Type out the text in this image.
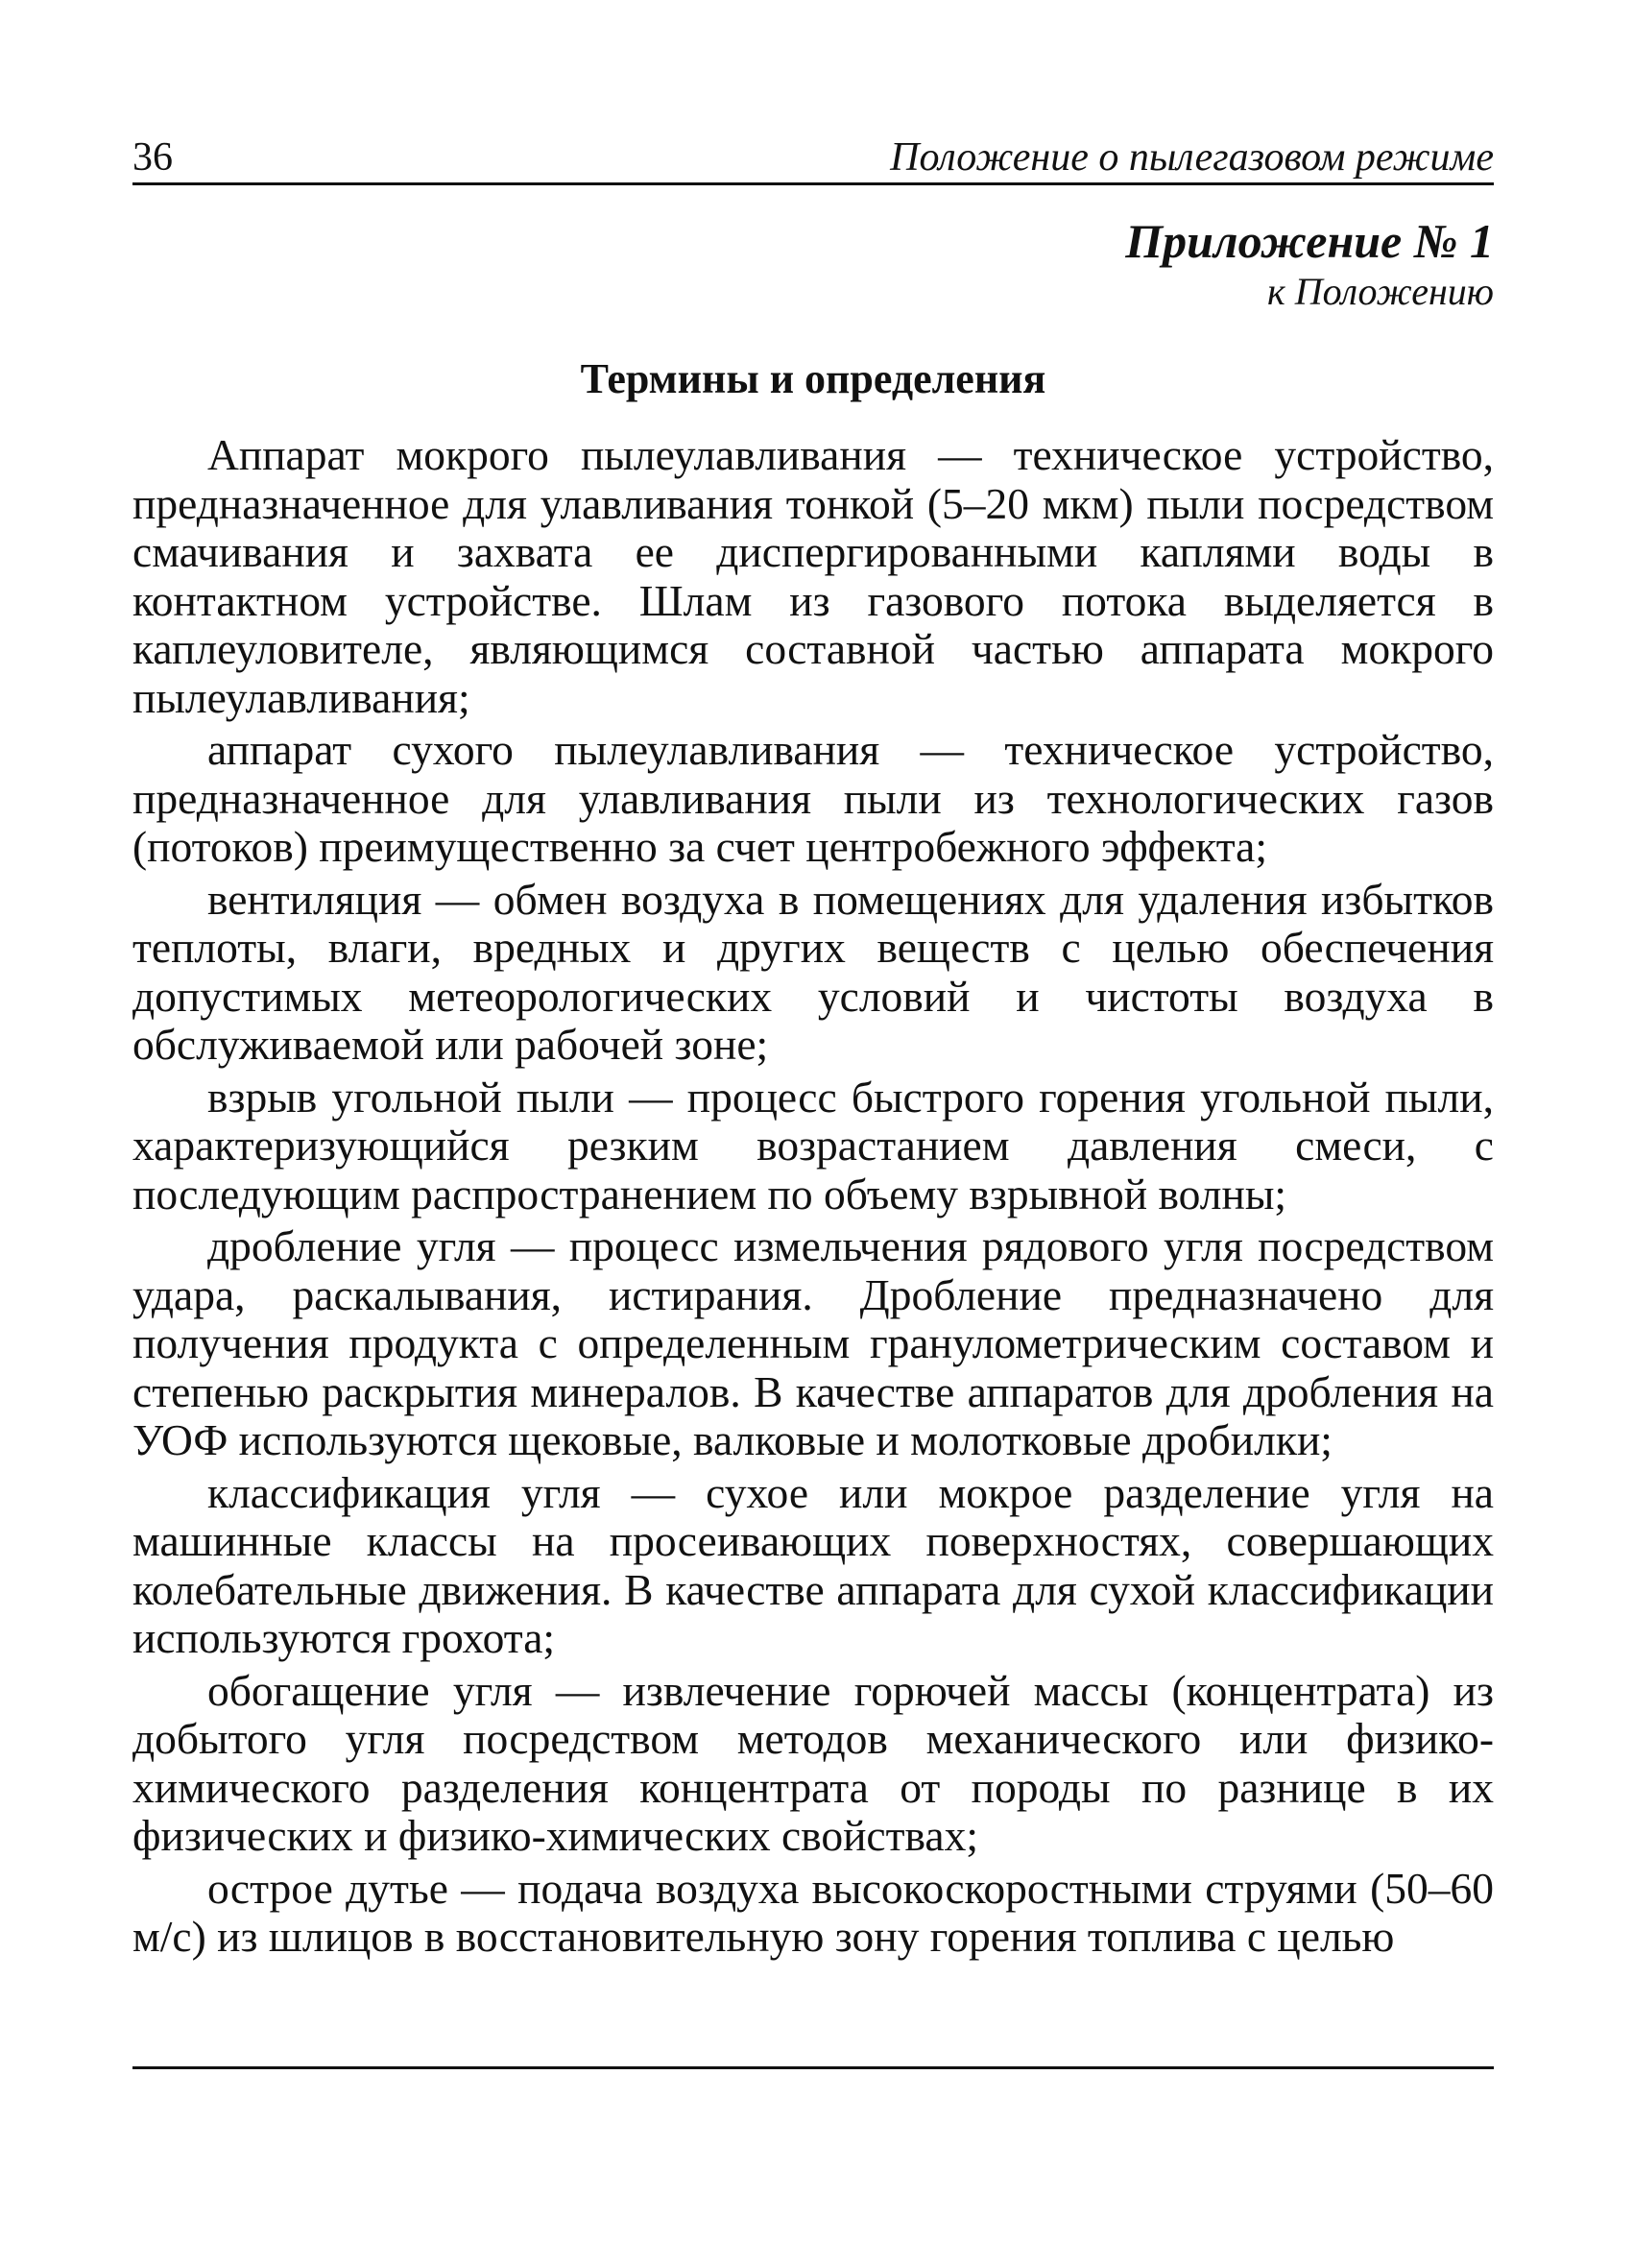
36	Положение о пылегазовом режиме
Приложение № 1
к Положению
Термины и определения

Аппарат мокрого пылеулавливания — техническое устройство, предназначенное для улавливания тонкой (5–20 мкм) пыли посредством смачивания и захвата ее диспергированными каплями воды в контактном устройстве. Шлам из газового потока выделяется в каплеуловителе, являющимся составной частью аппарата мокрого пылеулавливания;

аппарат сухого пылеулавливания — техническое устройство, предназначенное для улавливания пыли из технологических газов (потоков) преимущественно за счет центробежного эффекта;

вентиляция — обмен воздуха в помещениях для удаления избытков теплоты, влаги, вредных и других веществ с целью обеспечения допустимых метеорологических условий и чистоты воздуха в обслуживаемой или рабочей зоне;

взрыв угольной пыли — процесс быстрого горения угольной пыли, характеризующийся резким возрастанием давления смеси, с последующим распространением по объему взрывной волны;

дробление угля — процесс измельчения рядового угля посредством удара, раскалывания, истирания. Дробление предназначено для получения продукта с определенным гранулометрическим составом и степенью раскрытия минералов. В качестве аппаратов для дробления на УОФ используются щековые, валковые и молотковые дробилки;

классификация угля — сухое или мокрое разделение угля на машинные классы на просеивающих поверхностях, совершающих колебательные движения. В качестве аппарата для сухой классификации используются грохота;

обогащение угля — извлечение горючей массы (концентрата) из добытого угля посредством методов механического или физико-химического разделения концентрата от породы по разнице в их физических и физико-химических свойствах;

острое дутье — подача воздуха высокоскоростными струями (50–60 м/с) из шлицов в восстановительную зону горения топлива с целью
